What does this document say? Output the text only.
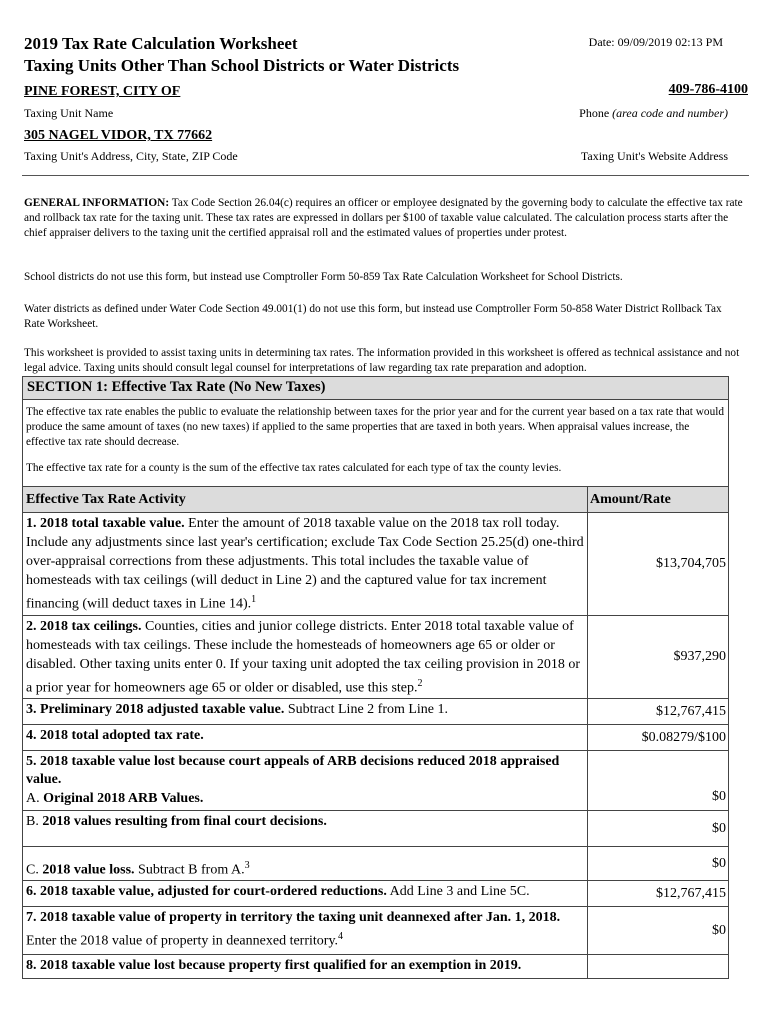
2019 Tax Rate Calculation Worksheet
Taxing Units Other Than School Districts or Water Districts
Date: 09/09/2019 02:13 PM
PINE FOREST, CITY OF	409-786-4100
Taxing Unit Name	Phone (area code and number)
305 NAGEL VIDOR, TX 77662
Taxing Unit's Address, City, State, ZIP Code	Taxing Unit's Website Address
GENERAL INFORMATION: Tax Code Section 26.04(c) requires an officer or employee designated by the governing body to calculate the effective tax rate and rollback tax rate for the taxing unit. These tax rates are expressed in dollars per $100 of taxable value calculated. The calculation process starts after the chief appraiser delivers to the taxing unit the certified appraisal roll and the estimated values of properties under protest.
School districts do not use this form, but instead use Comptroller Form 50-859 Tax Rate Calculation Worksheet for School Districts.
Water districts as defined under Water Code Section 49.001(1) do not use this form, but instead use Comptroller Form 50-858 Water District Rollback Tax Rate Worksheet.
This worksheet is provided to assist taxing units in determining tax rates. The information provided in this worksheet is offered as technical assistance and not legal advice. Taxing units should consult legal counsel for interpretations of law regarding tax rate preparation and adoption.
SECTION 1: Effective Tax Rate (No New Taxes)
The effective tax rate enables the public to evaluate the relationship between taxes for the prior year and for the current year based on a tax rate that would produce the same amount of taxes (no new taxes) if applied to the same properties that are taxed in both years. When appraisal values increase, the effective tax rate should decrease.
The effective tax rate for a county is the sum of the effective tax rates calculated for each type of tax the county levies.
Effective Tax Rate Activity	Amount/Rate
1. 2018 total taxable value. Enter the amount of 2018 taxable value on the 2018 tax roll today. Include any adjustments since last year's certification; exclude Tax Code Section 25.25(d) one-third over-appraisal corrections from these adjustments. This total includes the taxable value of homesteads with tax ceilings (will deduct in Line 2) and the captured value for tax increment financing (will deduct taxes in Line 14).$^1$	$13,704,705
2. 2018 tax ceilings. Counties, cities and junior college districts. Enter 2018 total taxable value of homesteads with tax ceilings. These include the homesteads of homeowners age 65 or older or disabled. Other taxing units enter 0. If your taxing unit adopted the tax ceiling provision in 2018 or a prior year for homeowners age 65 or older or disabled, use this step.$^2$	$937,290
3. Preliminary 2018 adjusted taxable value. Subtract Line 2 from Line 1.	$12,767,415
4. 2018 total adopted tax rate.	$0.08279/$100

5. 2018 taxable value lost because court appeals of ARB decisions reduced 2018 appraised value.
A. Original 2018 ARB Values.	$0
B. 2018 values resulting from final court decisions.	$0
C. 2018 value loss. Subtract B from A.$^3$	$0
6. 2018 taxable value, adjusted for court-ordered reductions. Add Line 3 and Line 5C.	$12,767,415
7. 2018 taxable value of property in territory the taxing unit deannexed after Jan. 1, 2018. Enter the 2018 value of property in deannexed territory.$^4$	$0
8. 2018 taxable value lost because property first qualified for an exemption in 2019.	
